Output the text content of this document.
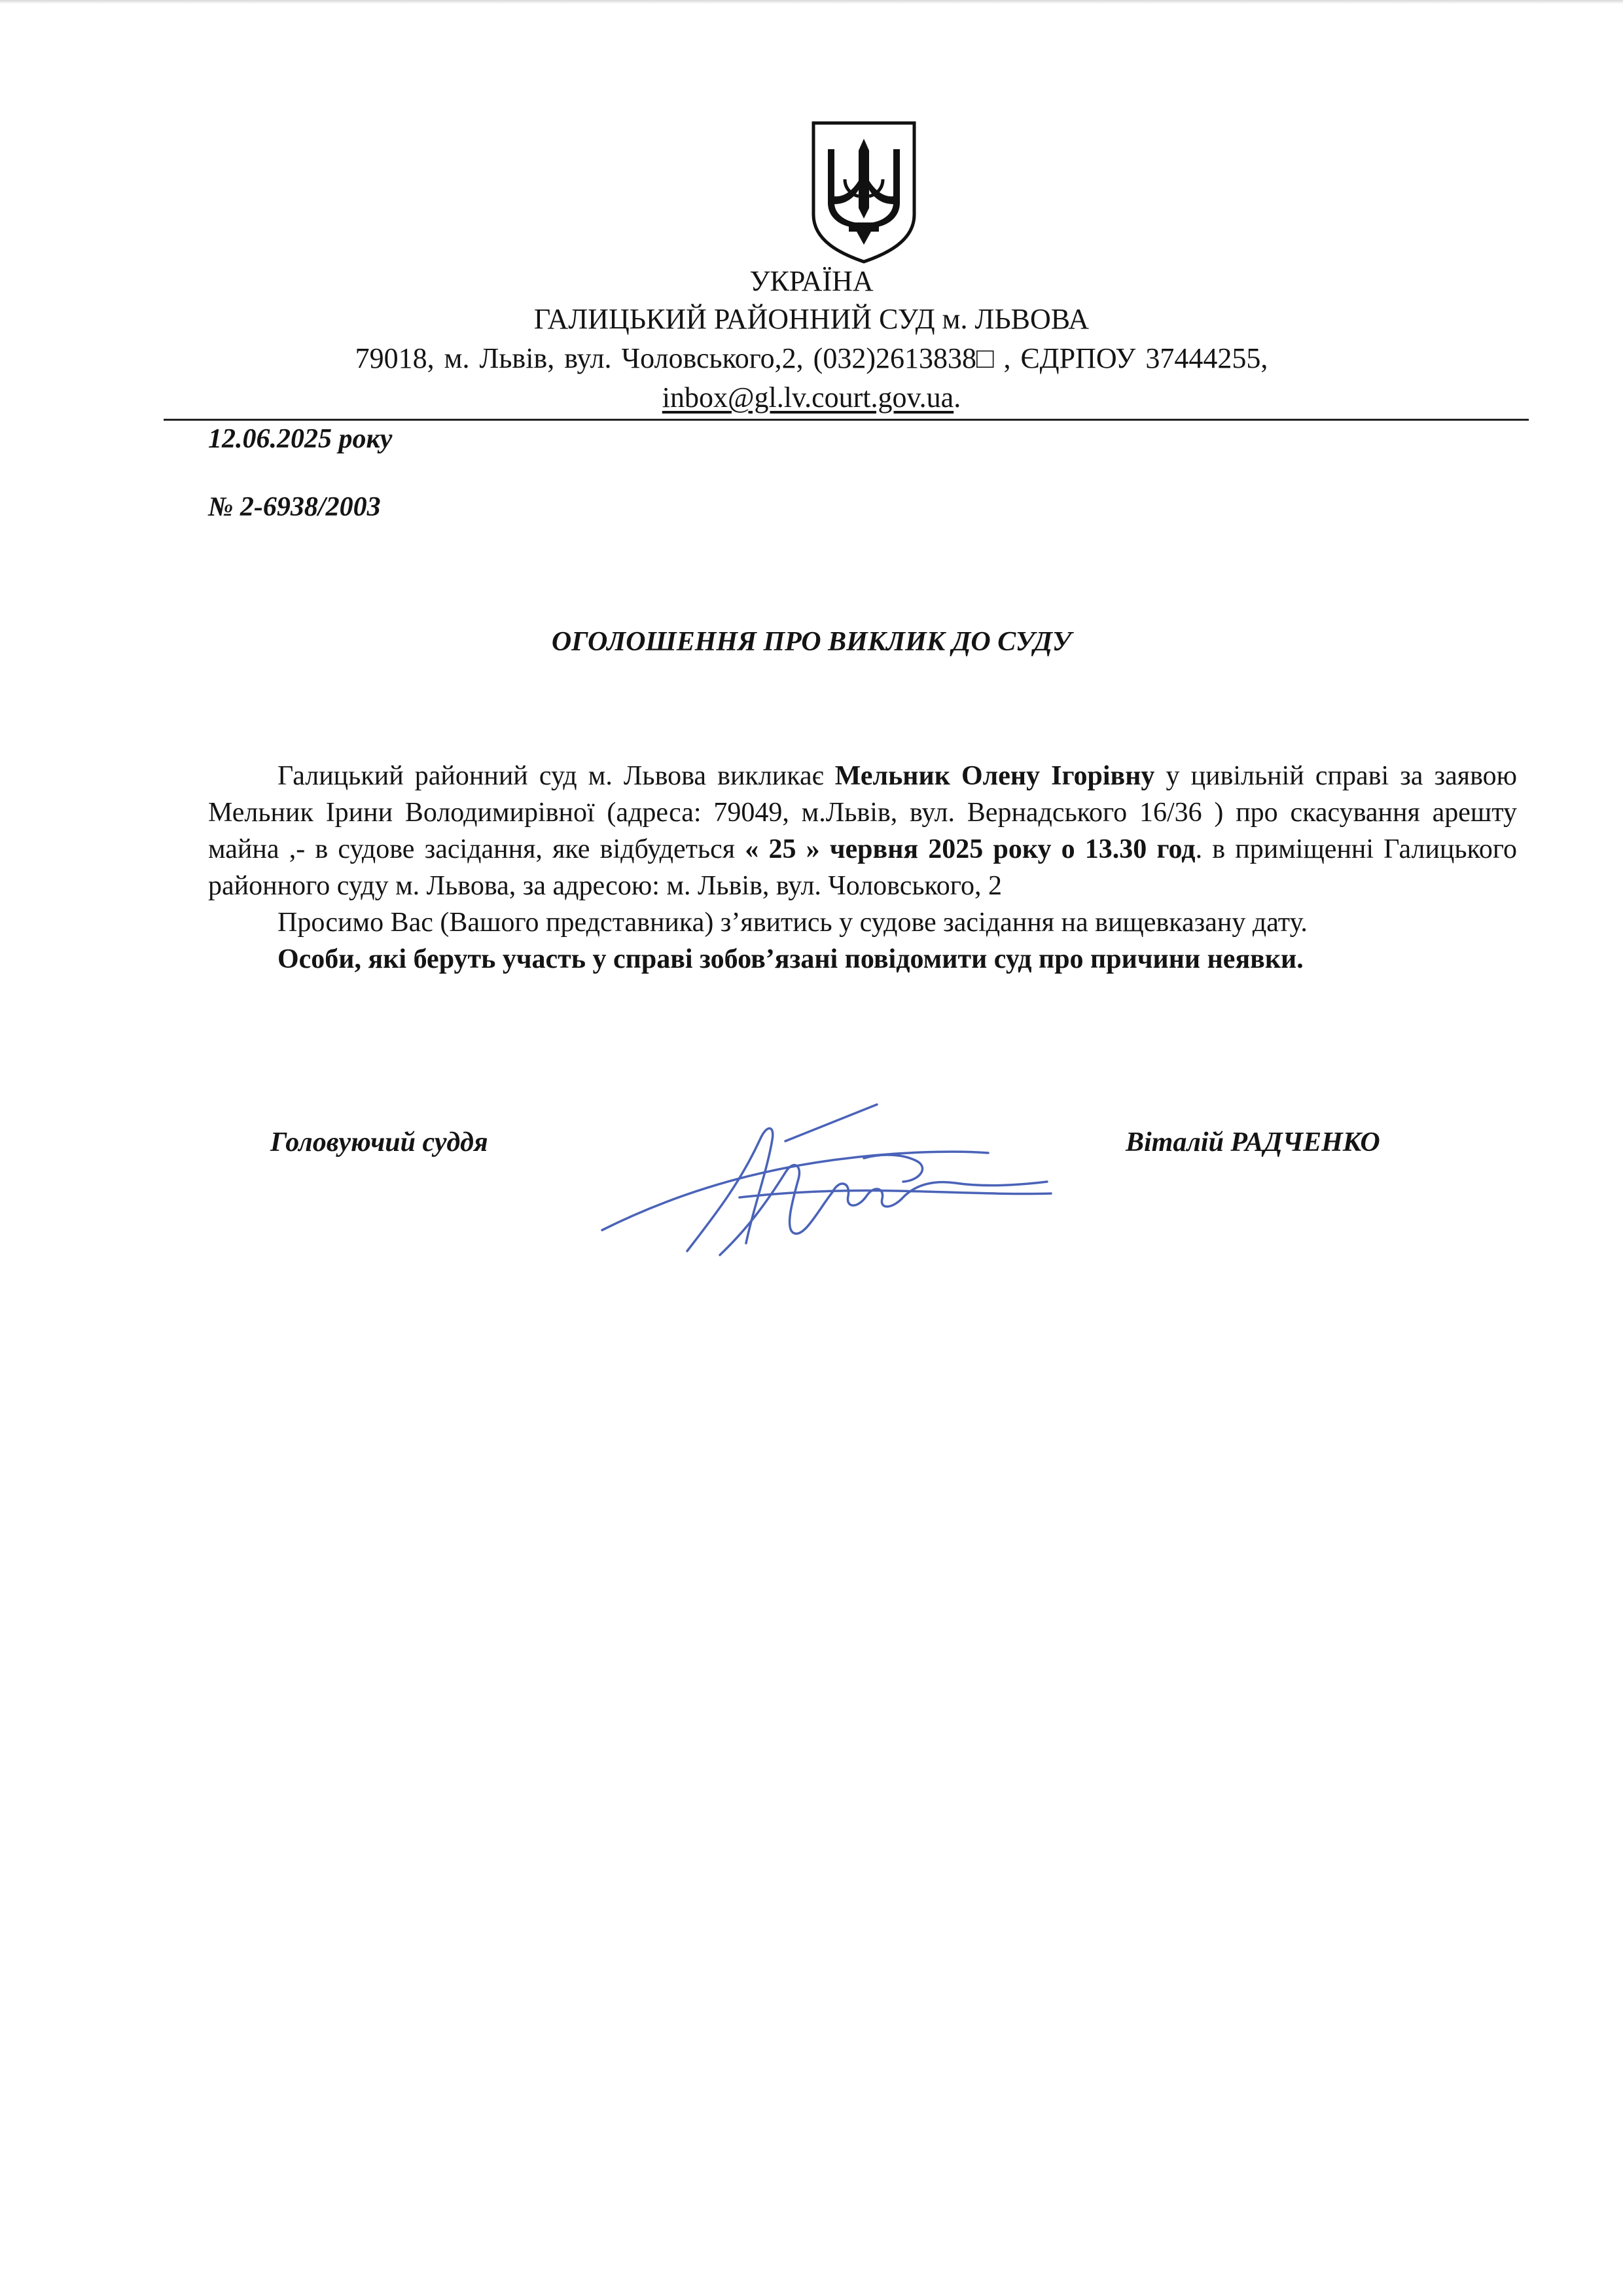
УКРАЇНА
ГАЛИЦЬКИЙ РАЙОННИЙ СУД м. ЛЬВОВА
79018, м. Львів, вул. Чоловського,2, (032)2613838□ , ЄДРПОУ 37444255,
inbox@gl.lv.court.gov.ua.
12.06.2025 року
№ 2-6938/2003
ОГОЛОШЕННЯ ПРО ВИКЛИК ДО СУДУ

Галицький районний суд м. Львова викликає Мельник Олену Ігорівну у цивільній справі за заявою Мельник Ірини Володимирівної (адреса: 79049, м.Львів, вул. Вернадського 16/36 ) про скасування арешту майна ,- в судове засідання, яке відбудеться « 25 » червня 2025 року о 13.30 год. в приміщенні Галицького районного суду м. Львова, за адресою: м. Львів, вул. Чоловського, 2

Просимо Вас (Вашого представника) з’явитись у судове засідання на вищевказану дату.

Особи, які беруть участь у справі зобов’язані повідомити суд про причини неявки.

Головуючий суддя	Віталій РАДЧЕНКО
